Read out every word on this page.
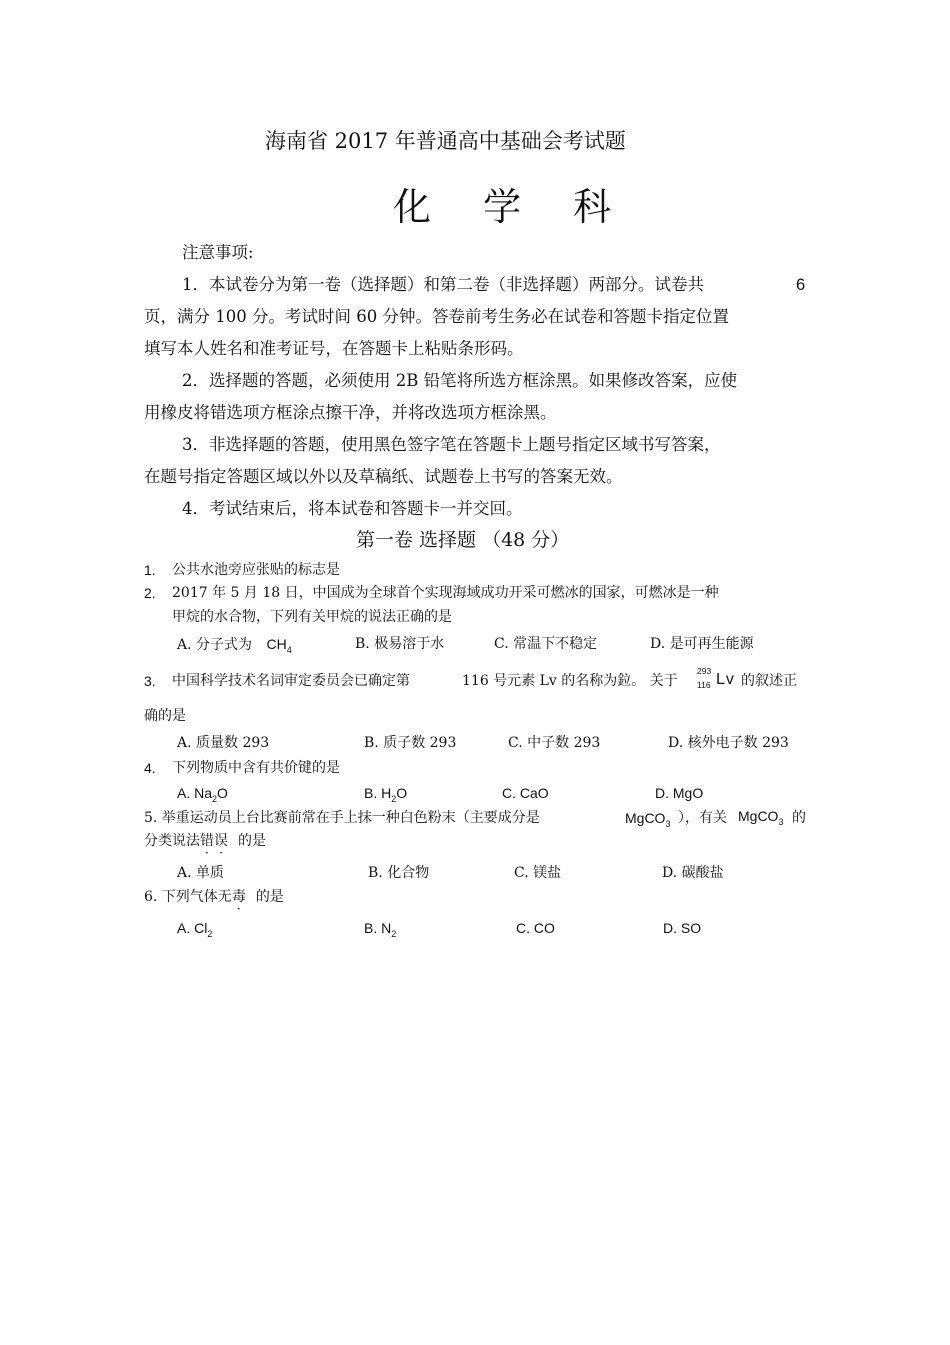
海南省 2017 年普通高中基础会考试题
化 学 科
注意事项:
1．本试卷分为第一卷（选择题）和第二卷（非选择题）两部分。试卷共	6
页，满分 100 分。考试时间 60 分钟。答卷前考生务必在试卷和答题卡指定位置
填写本人姓名和准考证号，在答题卡上粘贴条形码。
2．选择题的答题，必须使用 2B 铅笔将所选方框涂黑。如果修改答案，应使
用橡皮将错选项方框涂点擦干净，并将改选项方框涂黑。
3．非选择题的答题，使用黑色签字笔在答题卡上题号指定区域书写答案，
在题号指定答题区域以外以及草稿纸、试题卷上书写的答案无效。
4．考试结束后，将本试卷和答题卡一并交回。
第一卷 选择题 （48 分）
1. 公共水池旁应张贴的标志是
2. 2017 年 5 月 18 日，中国成为全球首个实现海域成功开采可燃冰的国家，可燃冰是一种
甲烷的水合物，下列有关甲烷的说法正确的是
A. 分子式为 $CH_4$	B. 极易溶于水	C. 常温下不稳定	D. 是可再生能源
3. 中国科学技术名词审定委员会已确定第	116 号元素 Lv 的名称为鉝。 关于
293
116 Lv 的叙述正
确的是
A. 质量数 293	B. 质子数 293	C. 中子数 293	D. 核外电子数 293
4. 下列物质中含有共价键的是
A. $Na_2O$	B. $H_2O$	C. CaO	D. MgO
5. 举重运动员上台比赛前常在手上抹一种白色粉末（主要成分是	MgCO$_3$ ），有关 MgCO$_3$ 的
分类说法错误 的是
A. 单质	B. 化合物	C. 镁盐	D. 碳酸盐
6. 下列气体无毒 的是
A. $Cl_2$	B. $N_2$	C. CO	D. SO
